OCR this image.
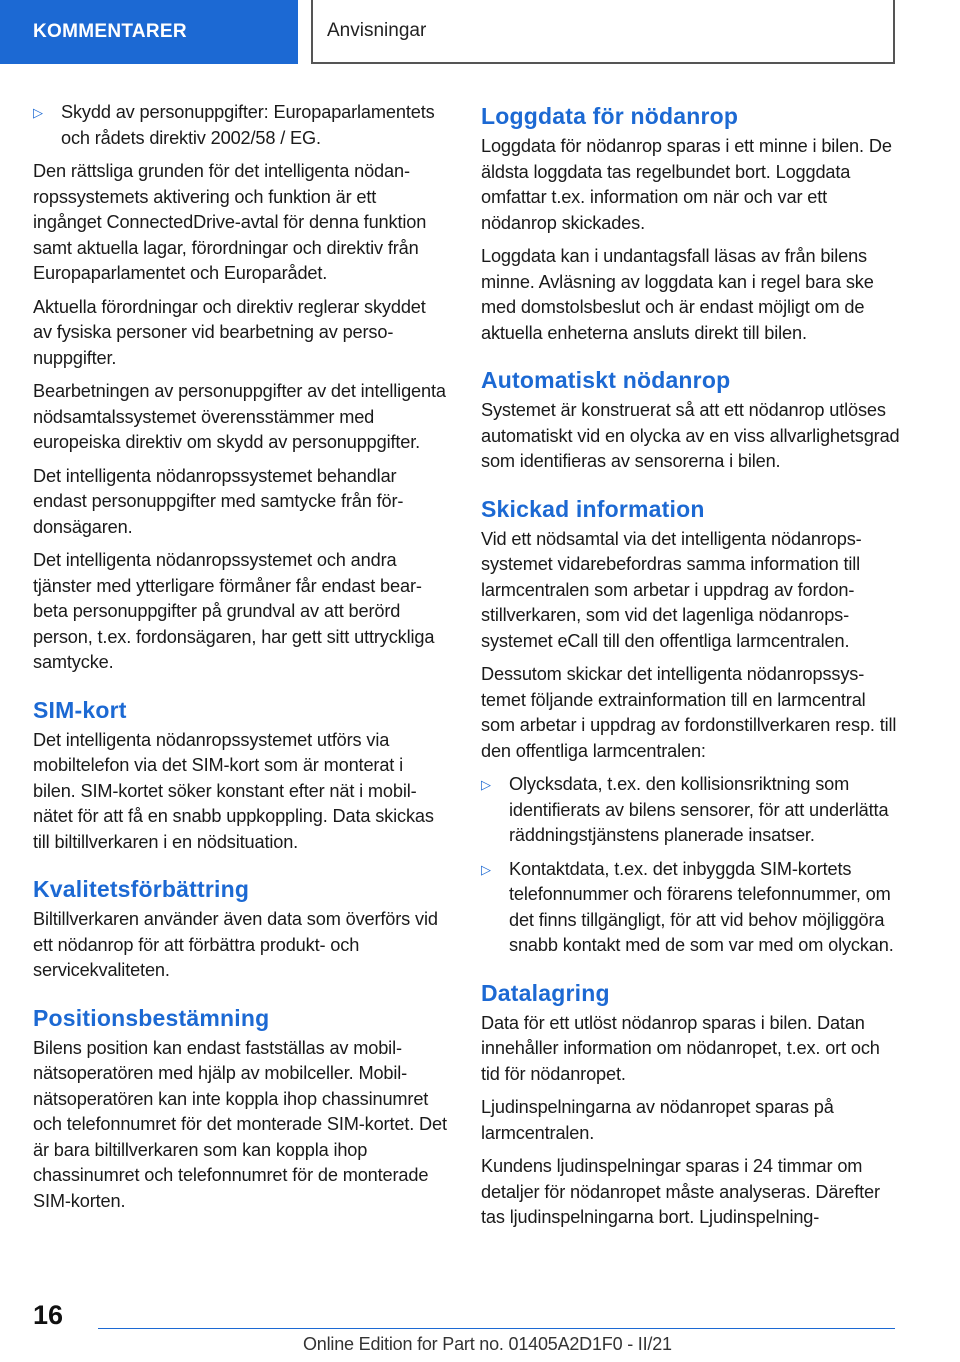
KOMMENTARER	Anvisningar
▷ Skydd av personuppgifter: Europaparlamentets och rådets direktiv 2002/58 / EG.

Den rättsliga grunden för det intelligenta nödanropssystemets aktivering och funktion är ett ingånget ConnectedDrive-avtal för denna funktion samt aktuella lagar, förordningar och direktiv från Europaparlamentet och Europarådet.

Aktuella förordningar och direktiv reglerar skyddet av fysiska personer vid bearbetning av personuppgifter.

Bearbetningen av personuppgifter av det intelligenta nödsamtalssystemet överensstämmer med europeiska direktiv om skydd av personuppgifter.

Det intelligenta nödanropssystemet behandlar endast personuppgifter med samtycke från fördonsägaren.

Det intelligenta nödanropssystemet och andra tjänster med ytterligare förmåner får endast bearbeta personuppgifter på grundval av att berörd person, t.ex. fordonsägaren, har gett sitt uttryckliga samtycke.

SIM-kort

Det intelligenta nödanropssystemet utförs via mobiltelefon via det SIM-kort som är monterat i bilen. SIM-kortet söker konstant efter nät i mobilnätet för att få en snabb uppkoppling. Data skickas till biltillverkaren i en nödsituation.

Kvalitetsförbättring

Biltillverkaren använder även data som överförs vid ett nödanrop för att förbättra produkt- och servicekvaliteten.

Positionsbestämning

Bilens position kan endast fastställas av mobilnätsoperatören med hjälp av mobilceller. Mobilnätsoperatören kan inte koppla ihop chassinumret och telefonnumret för det monterade SIM-kortet. Det är bara biltillverkaren som kan koppla ihop chassinumret och telefonnumret för de monterade SIM-korten.

Loggdata för nödanrop

Loggdata för nödanrop sparas i ett minne i bilen. De äldsta loggdata tas regelbundet bort. Loggdata omfattar t.ex. information om när och var ett nödanrop skickades.

Loggdata kan i undantagsfall läsas av från bilens minne. Avläsning av loggdata kan i regel bara ske med domstolsbeslut och är endast möjligt om de aktuella enheterna ansluts direkt till bilen.

Automatiskt nödanrop

Systemet är konstruerat så att ett nödanrop utlöses automatiskt vid en olycka av en viss allvarlighetsgrad som identifieras av sensorerna i bilen.

Skickad information

Vid ett nödsamtal via det intelligenta nödanropssystemet vidarebefordras samma information till larmcentralen som arbetar i uppdrag av fordonstillverkaren, som vid det lagenliga nödanropssystemet eCall till den offentliga larmcentralen.

Dessutom skickar det intelligenta nödanropssystemet följande extrainformation till en larmcentral som arbetar i uppdrag av fordonstillverkaren resp. till den offentliga larmcentralen:

▷ Olycksdata, t.ex. den kollisionsriktning som identifierats av bilens sensorer, för att underlätta räddningstjänstens planerade insatser.
▷ Kontaktdata, t.ex. det inbyggda SIM-kortets telefonnummer och förarens telefonnummer, om det finns tillgängligt, för att vid behov möjliggöra snabb kontakt med de som var med om olyckan.
Datalagring

Data för ett utlöst nödanrop sparas i bilen. Datan innehåller information om nödanropet, t.ex. ort och tid för nödanropet.

Ljudinspelningarna av nödanropet sparas på larmcentralen.

Kundens ljudinspelningar sparas i 24 timmar om detaljer för nödanropet måste analyseras. Därefter tas ljudinspelningarna bort. Ljudinspelning-

16
Online Edition for Part no. 01405A2D1F0 - II/21
